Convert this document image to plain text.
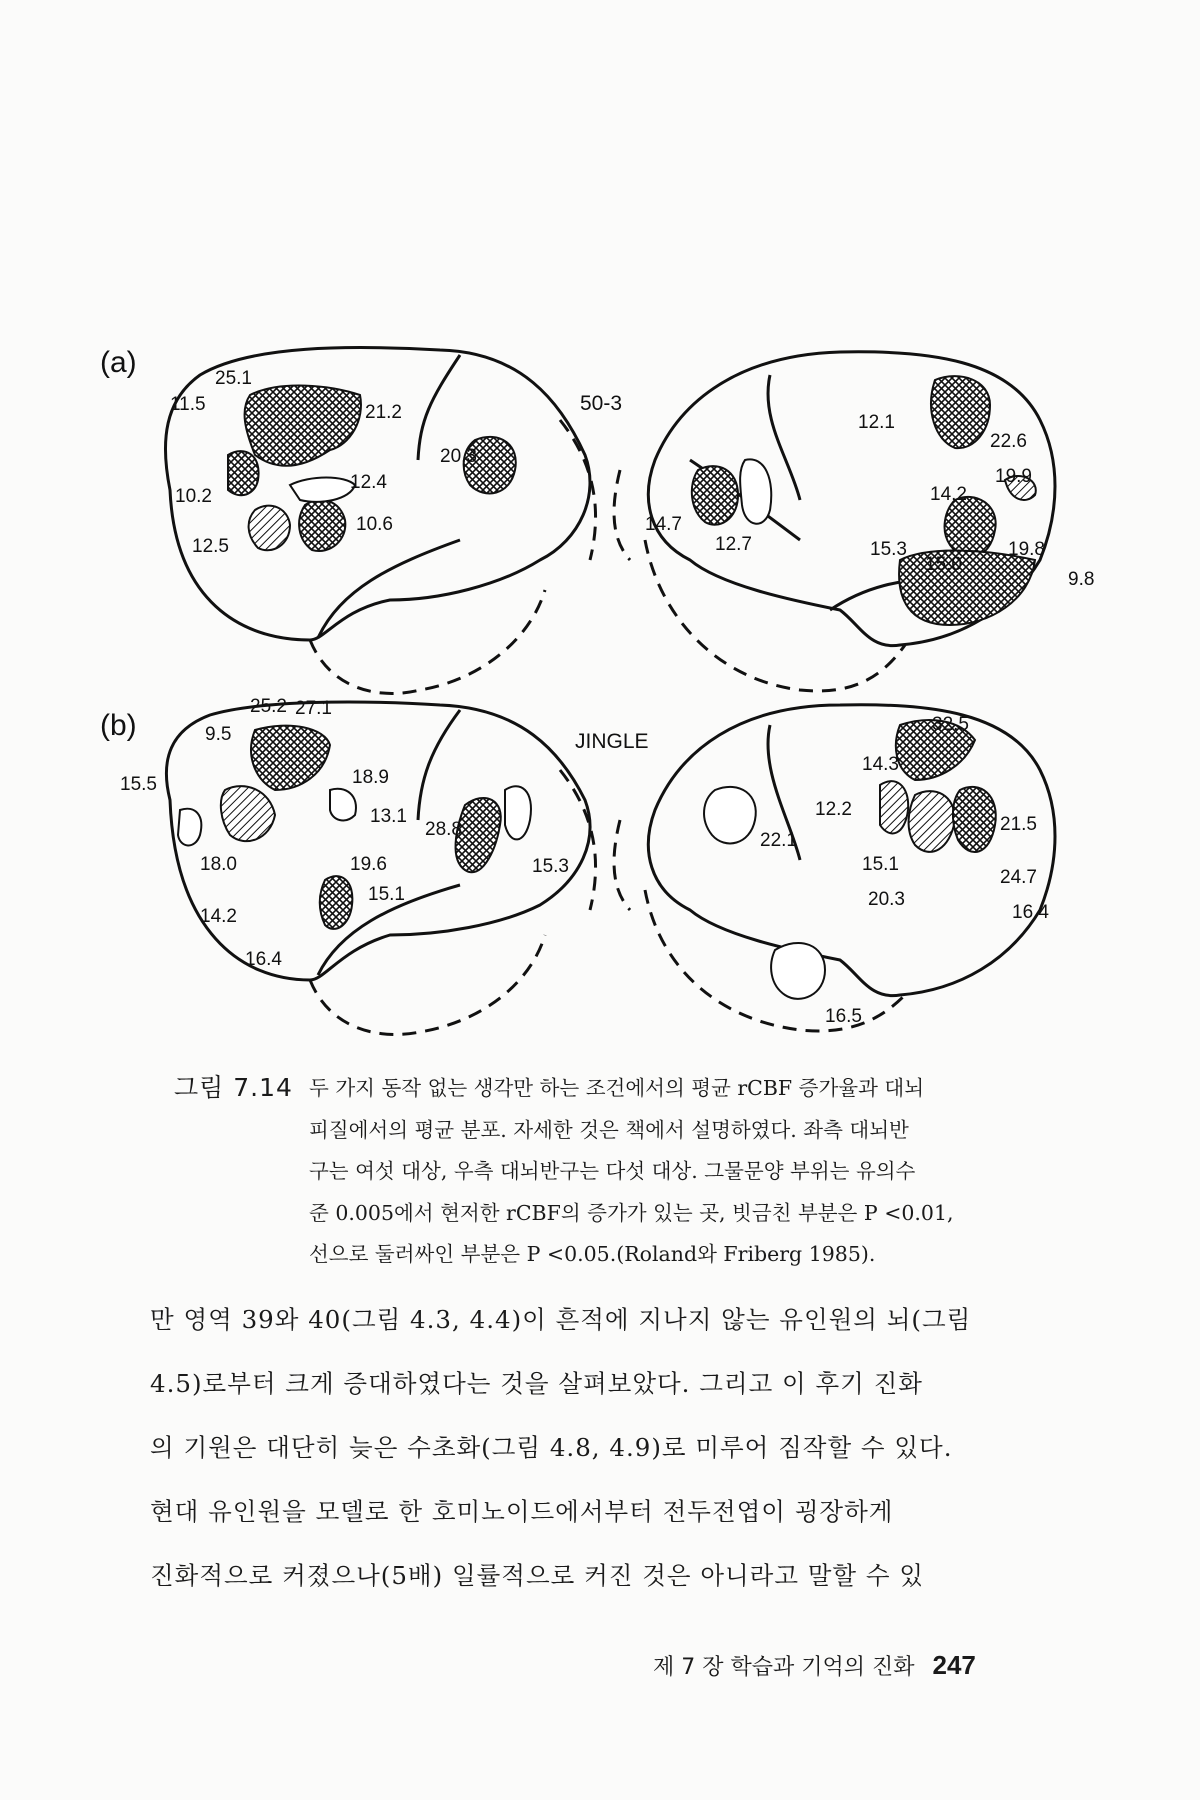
(a)
50-3
25.1
11.5	21.2
20.3
10.2
12.4
10.6
12.5
12.1
22.6
19.9
14.2
14.7
12.7	15.3
15.0
19.8
9.8
(b)	JINGLE
25.2 27.1
9.5
18.9
15.5
13.1
28.8
18.0	19.6	15.3
15.1
14.2
16.4
32.5
14.3
12.2
21.5
22.1
15.1
20.3
24.7
16.4
16.5
그림 7.14 두 가지 동작 없는 생각만 하는 조건에서의 평균 rCBF 증가율과 대뇌
피질에서의 평균 분포. 자세한 것은 책에서 설명하였다. 좌측 대뇌반
구는 여섯 대상, 우측 대뇌반구는 다섯 대상. 그물문양 부위는 유의수
준 0.005에서 현저한 rCBF의 증가가 있는 곳, 빗금친 부분은 P <0.01,
선으로 둘러싸인 부분은 P <0.05.(Roland와 Friberg 1985).
만 영역 39와 40(그림 4.3, 4.4)이 흔적에 지나지 않는 유인원의 뇌(그림
4.5)로부터 크게 증대하였다는 것을 살펴보았다. 그리고 이 후기 진화
의 기원은 대단히 늦은 수초화(그림 4.8, 4.9)로 미루어 짐작할 수 있다.
현대 유인원을 모델로 한 호미노이드에서부터 전두전엽이 굉장하게
진화적으로 커졌으나(5배) 일률적으로 커진 것은 아니라고 말할 수 있
제 7 장 학습과 기억의 진화 247
